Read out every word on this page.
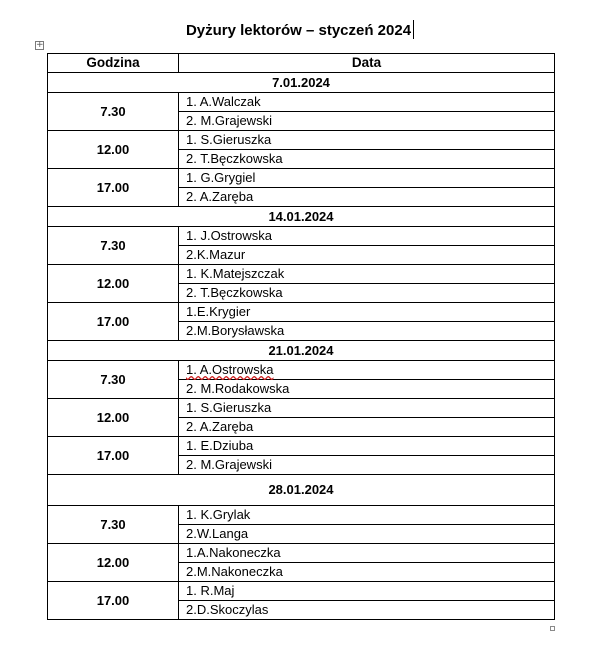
Dyżury lektorów – styczeń 2024
+
Godzina	Data
7.01.2024	
7.30	1. A.Walczak
	2. M.Grajewski
12.00	1. S.Gieruszka
	2. T.Bęczkowska
17.00	1. G.Grygiel
	2. A.Zaręba
14.01.2024	
7.30	1. J.Ostrowska
	2.K.Mazur
12.00	1. K.Matejszczak
	2. T.Bęczkowska
17.00	1.E.Krygier
	2.M.Borysławska
21.01.2024	
7.30	1. A.Ostrowska
	2. M.Rodakowska
12.00	1. S.Gieruszka
	2. A.Zaręba
17.00	1. E.Dziuba
	2. M.Grajewski
28.01.2024	
7.30	1. K.Grylak
	2.W.Langa
12.00	1.A.Nakoneczka
	2.M.Nakoneczka
17.00	1. R.Maj
	2.D.Skoczylas
